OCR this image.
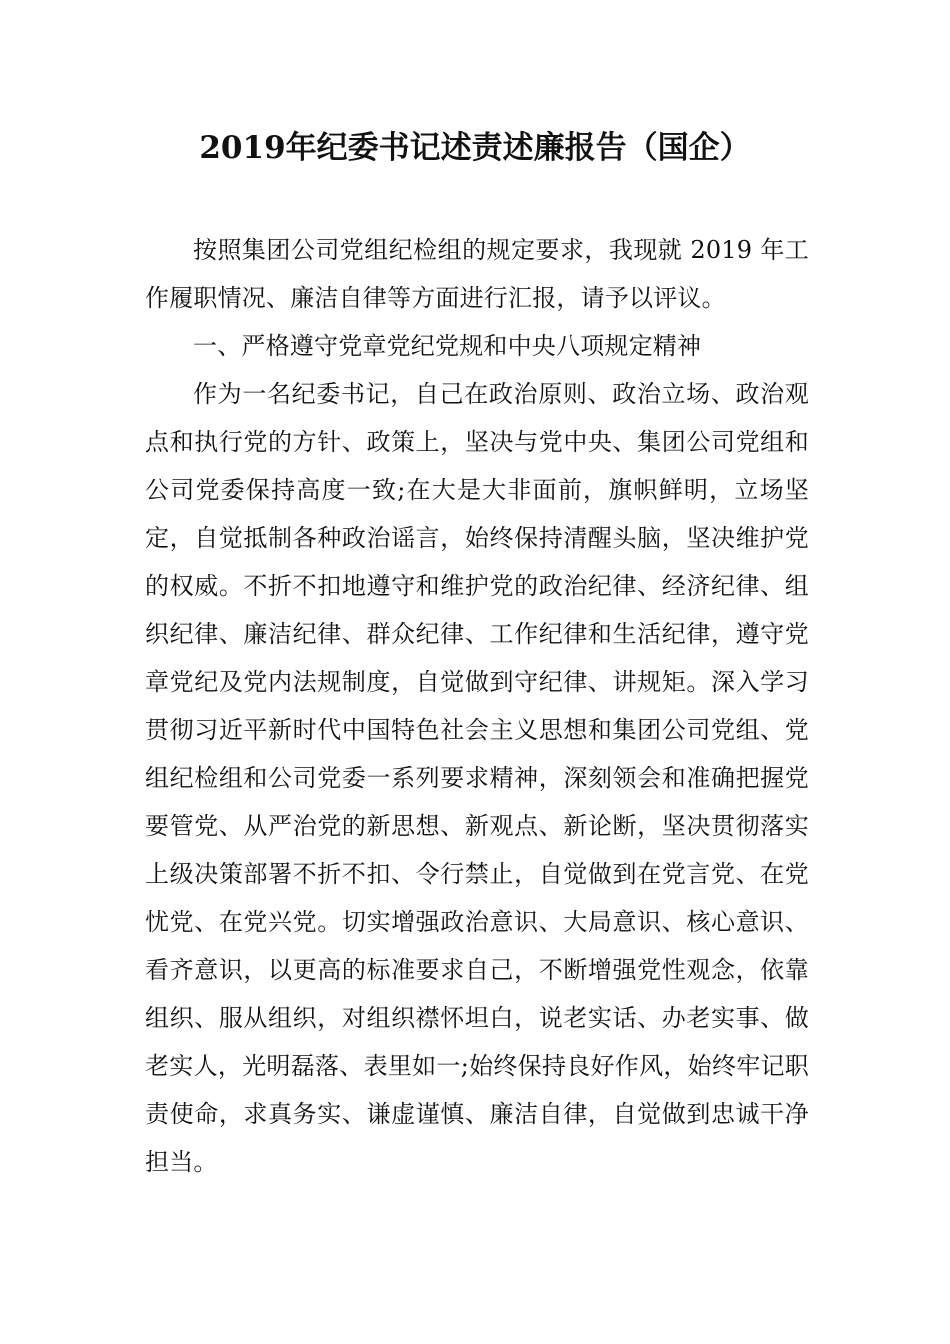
2019年纪委书记述责述廉报告（国企）

按照集团公司党组纪检组的规定要求，我现就 2019 年工作履职情况、廉洁自律等方面进行汇报，请予以评议。

一、严格遵守党章党纪党规和中央八项规定精神

作为一名纪委书记，自己在政治原则、政治立场、政治观点和执行党的方针、政策上，坚决与党中央、集团公司党组和公司党委保持高度一致;在大是大非面前，旗帜鲜明，立场坚定，自觉抵制各种政治谣言，始终保持清醒头脑，坚决维护党的权威。不折不扣地遵守和维护党的政治纪律、经济纪律、组织纪律、廉洁纪律、群众纪律、工作纪律和生活纪律，遵守党章党纪及党内法规制度，自觉做到守纪律、讲规矩。深入学习贯彻习近平新时代中国特色社会主义思想和集团公司党组、党组纪检组和公司党委一系列要求精神，深刻领会和准确把握党要管党、从严治党的新思想、新观点、新论断，坚决贯彻落实上级决策部署不折不扣、令行禁止，自觉做到在党言党、在党忧党、在党兴党。切实增强政治意识、大局意识、核心意识、看齐意识，以更高的标准要求自己，不断增强党性观念，依靠组织、服从组织，对组织襟怀坦白，说老实话、办老实事、做老实人，光明磊落、表里如一;始终保持良好作风，始终牢记职责使命，求真务实、谦虚谨慎、廉洁自律，自觉做到忠诚干净担当。
